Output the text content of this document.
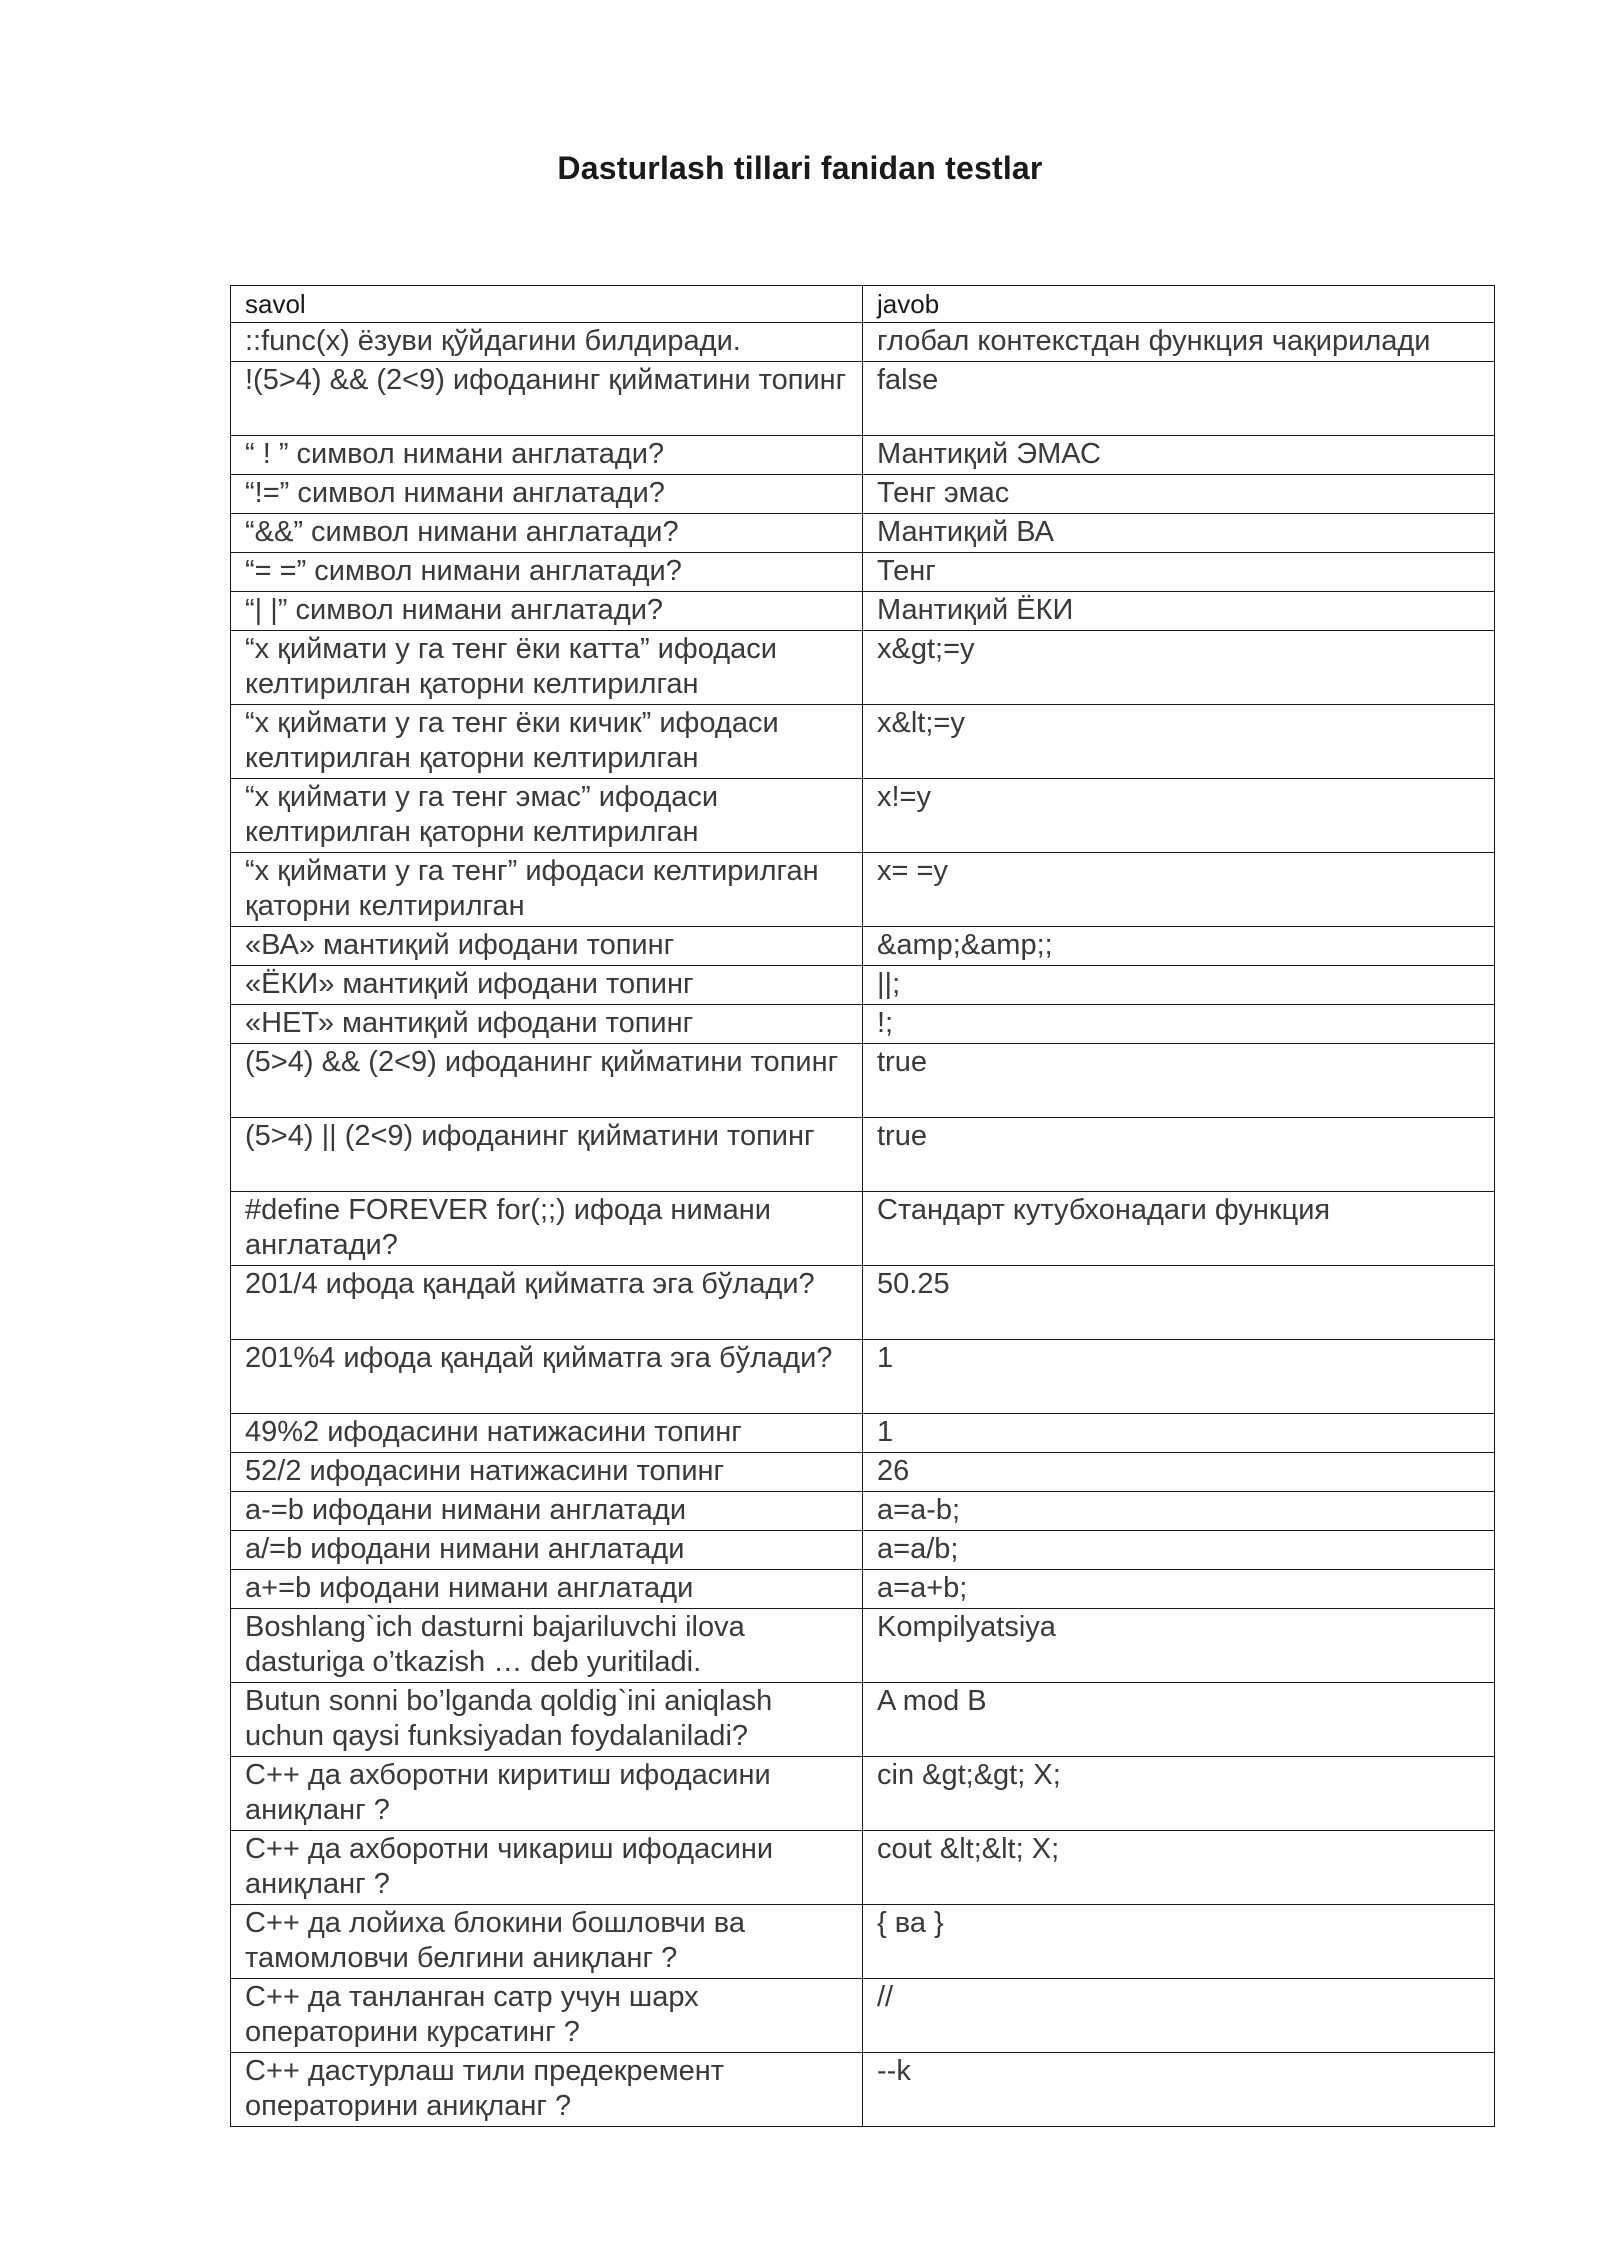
Dasturlash tillari fanidan testlar
savol	javob
::func(x) ёзуви қўйдагини билдиради.	глобал контекстдан функция чақирилади
!(5>4) && (2<9) ифоданинг қийматини топинг	false
“ ! ” символ нимани англатади?	Мантиқий ЭМАС
“!=” символ нимани англатади?	Тенг эмас
“&&” символ нимани англатади?	Мантиқий ВА
“= =” символ нимани англатади?	Тенг
“| |” символ нимани англатади?	Мантиқий ЁКИ
“x қиймати y га тенг ёки катта” ифодаси келтирилган қаторни келтирилган	x&gt;=y
“x қиймати y га тенг ёки кичик” ифодаси келтирилган қаторни келтирилган	x&lt;=y
“x қиймати y га тенг эмас” ифодаси келтирилган қаторни келтирилган	x!=y
“x қиймати y га тенг” ифодаси келтирилган қаторни келтирилган	x= =y
«ВА» мантиқий ифодани топинг	&amp;&amp;;
«ЁКИ» мантиқий ифодани топинг	||;
«НЕТ» мантиқий ифодани топинг	!;
(5>4) && (2<9) ифоданинг қийматини топинг	true
(5>4) || (2<9) ифоданинг қийматини топинг	true
#define FOREVER for(;;) ифода нимани англатади?	Стандарт кутубхонадаги функция
201/4 ифода қандай қийматга эга бўлади?	50.25
201%4 ифода қандай қийматга эга бўлади?	1
49%2 ифодасини натижасини топинг	1
52/2 ифодасини натижасини топинг	26
a-=b ифодани нимани англатади	a=a-b;
a/=b ифодани нимани англатади	a=a/b;
a+=b ифодани нимани англатади	a=a+b;
Boshlang`ich dasturni bajariluvchi ilova dasturiga o’tkazish … deb yuritiladi.	Kompilyatsiya
Butun sonni bo’lganda qoldig`ini aniqlash uchun qaysi funksiyadan foydalaniladi?	A mod B
C++ да ахборотни киритиш ифодасини аниқланг ?	cin &gt;&gt; X;
C++ да ахборотни чикариш ифодасини аниқланг ?	cout &lt;&lt; X;
C++ да лойиха блокини бошловчи ва тамомловчи белгини аниқланг ?	{ ва }
C++ да танланган сатр учун шарх операторини курсатинг ?	//
C++ дастурлаш тили предекремент операторини аниқланг ?	--k
